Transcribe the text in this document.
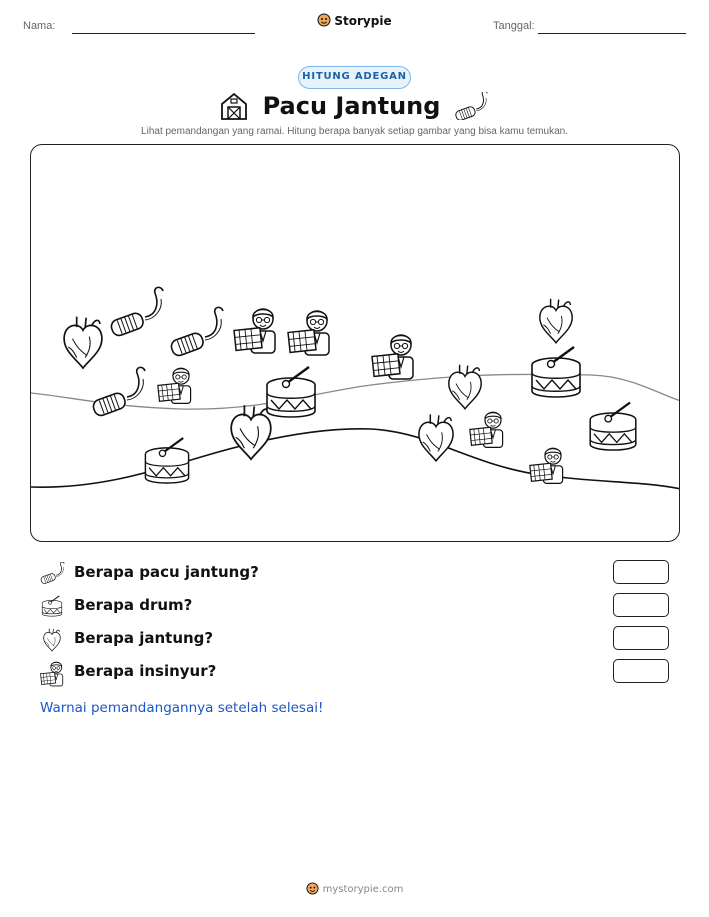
Nama:	Storypie	Tanggal:
HITUNG ADEGAN
Pacu Jantung
Lihat pemandangan yang ramai. Hitung berapa banyak setiap gambar yang bisa kamu temukan.
Berapa pacu jantung?
Berapa drum?
Berapa jantung?
Berapa insinyur?
Warnai pemandangannya setelah selesai!
mystorypie.com
